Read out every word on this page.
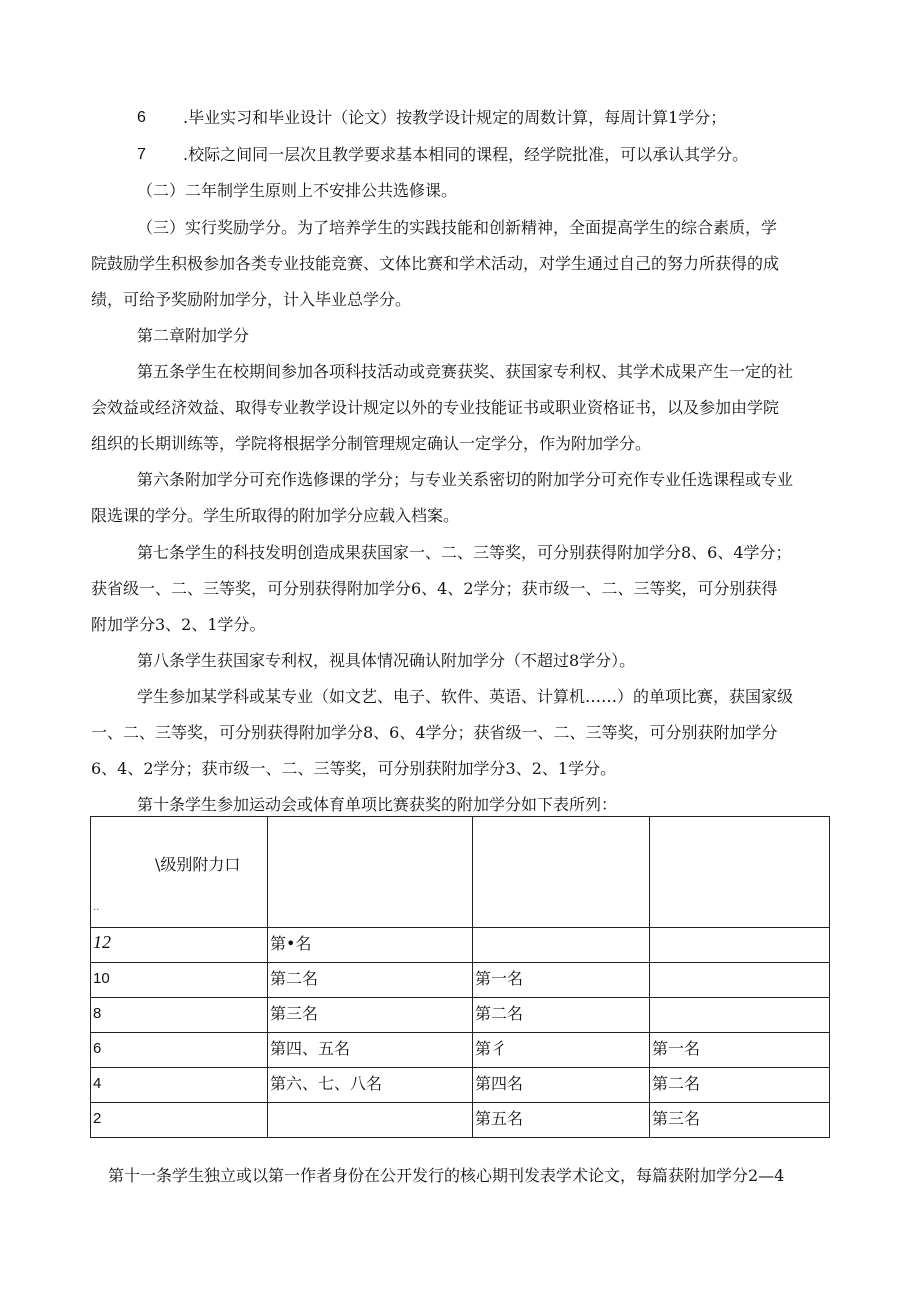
6 .毕业实习和毕业设计（论文）按教学设计规定的周数计算，每周计算1学分；
7 .校际之间同一层次且教学要求基本相同的课程，经学院批准，可以承认其学分。
（二）二年制学生原则上不安排公共选修课。
（三）实行奖励学分。为了培养学生的实践技能和创新精神，全面提高学生的综合素质，学
院鼓励学生积极参加各类专业技能竞赛、文体比赛和学术活动，对学生通过自己的努力所获得的成
绩，可给予奖励附加学分，计入毕业总学分。
第二章附加学分
第五条学生在校期间参加各项科技活动或竞赛获奖、获国家专利权、其学术成果产生一定的社
会效益或经济效益、取得专业教学设计规定以外的专业技能证书或职业资格证书，以及参加由学院
组织的长期训练等，学院将根据学分制管理规定确认一定学分，作为附加学分。
第六条附加学分可充作选修课的学分；与专业关系密切的附加学分可充作专业任选课程或专业
限选课的学分。学生所取得的附加学分应载入档案。
第七条学生的科技发明创造成果获国家一、二、三等奖，可分别获得附加学分8、6、4学分；
获省级一、二、三等奖，可分别获得附加学分6、4、2学分；获市级一、二、三等奖，可分别获得
附加学分3、2、1学分。
第八条学生获国家专利权，视具体情况确认附加学分（不超过8学分）。
学生参加某学科或某专业（如文艺、电子、软件、英语、计算机……）的单项比赛，获国家级
一、二、三等奖，可分别获得附加学分8、6、4学分；获省级一、二、三等奖，可分别获附加学分
6、4、2学分；获市级一、二、三等奖，可分别获附加学分3、2、1学分。
第十条学生参加运动会或体育单项比赛获奖的附加学分如下表所列：
\级别附力口
..			

12	第•名		

10	第二名	第一名	

8	第三名	第二名	

6	第四、五名	第彳	第一名

4	第六、七、八名	第四名	第二名

2		第五名	第三名
第十一条学生独立或以第一作者身份在公开发行的核心期刊发表学术论文，每篇获附加学分2—4
